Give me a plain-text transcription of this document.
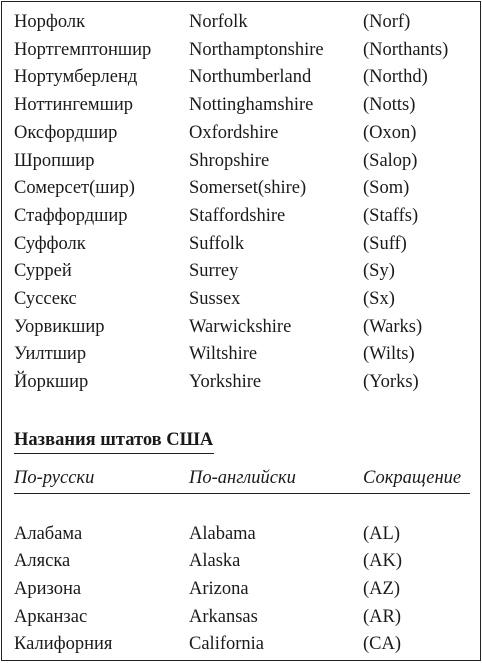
Норфолк	Norfolk	(Norf)
Нортгемптоншир Northamptonshire (Northants)
Нортумберленд	Northumberland	(Northd)
Ноттингемшир	Nottinghamshire	(Notts)
Оксфордшир	Oxfordshire	(Oxon)
Шропшир	Shropshire	(Salop)
Сомерсет(шир)	Somerset(shire)	(Som)
Стаффордшир	Staffordshire	(Staffs)
Суффолк	Suffolk	(Suff)
Суррей	Surrey	(Sy)
Суссекс	Sussex	(Sx)
Уорвикшир	Warwickshire	(Warks)
Уилтшир	Wiltshire	(Wilts)
Йоркшир	Yorkshire	(Yorks)
Названия штатов США
По-русски	По-английски	Сокращение
Алабама	Alabama	(AL)
Аляска	Alaska	(AK)
Аризона	Arizona	(AZ)
Арканзас	Arkansas	(AR)
Калифорния	California	(CA)
